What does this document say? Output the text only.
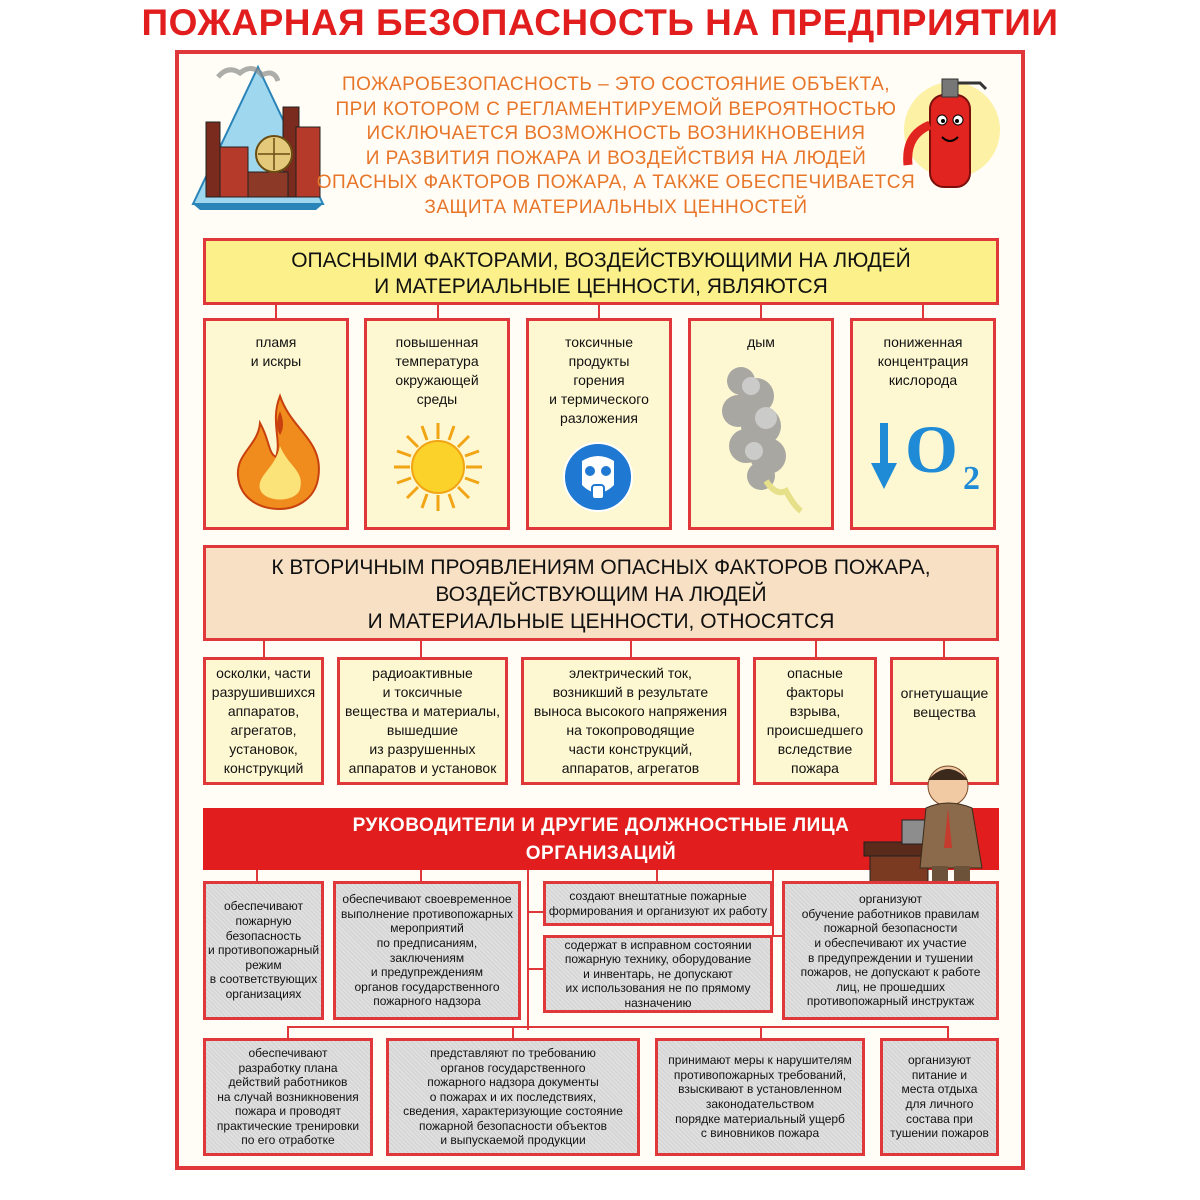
ПОЖАРНАЯ БЕЗОПАСНОСТЬ НА ПРЕДПРИЯТИИ
ПОЖАРОБЕЗОПАСНОСТЬ – ЭТО СОСТОЯНИЕ ОБЪЕКТА,
ПРИ КОТОРОМ С РЕГЛАМЕНТИРУЕМОЙ ВЕРОЯТНОСТЬЮ
ИСКЛЮЧАЕТСЯ ВОЗМОЖНОСТЬ ВОЗНИКНОВЕНИЯ
И РАЗВИТИЯ ПОЖАРА И ВОЗДЕЙСТВИЯ НА ЛЮДЕЙ
ОПАСНЫХ ФАКТОРОВ ПОЖАРА, А ТАКЖЕ ОБЕСПЕЧИВАЕТСЯ
ЗАЩИТА МАТЕРИАЛЬНЫХ ЦЕННОСТЕЙ
ОПАСНЫМИ ФАКТОРАМИ, ВОЗДЕЙСТВУЮЩИМИ НА ЛЮДЕЙ
И МАТЕРИАЛЬНЫЕ ЦЕННОСТИ, ЯВЛЯЮТСЯ
пламя
и искры
повышенная
температура
окружающей
среды
токсичные
продукты
горения
и термического
разложения
дым	пониженная
концентрация
кислорода
O 2
К ВТОРИЧНЫМ ПРОЯВЛЕНИЯМ ОПАСНЫХ ФАКТОРОВ ПОЖАРА,
ВОЗДЕЙСТВУЮЩИМ НА ЛЮДЕЙ
И МАТЕРИАЛЬНЫЕ ЦЕННОСТИ, ОТНОСЯТСЯ
осколки, части
разрушившихся
аппаратов,
агрегатов,
установок,
конструкций
радиоактивные
и токсичные
вещества и материалы,
вышедшие
из разрушенных
аппаратов и установок
электрический ток,
возникший в результате
выноса высокого напряжения
на токопроводящие
части конструкций,
аппаратов, агрегатов
опасные
факторы
взрыва,
происшедшего
вследствие
пожара
огнетушащие
вещества
РУКОВОДИТЕЛИ И ДРУГИЕ ДОЛЖНОСТНЫЕ ЛИЦА
ОРГАНИЗАЦИЙ
обеспечивают
пожарную
безопасность
и противопожарный
режим
в соответствующих
организациях
обеспечивают своевременное
выполнение противопожарных
мероприятий
по предписаниям,
заключениям
и предупреждениям
органов государственного
пожарного надзора
создают внештатные пожарные
формирования и организуют их работу
содержат в исправном состоянии
пожарную технику, оборудование
и инвентарь, не допускают
их использования не по прямому
назначению
организуют
обучение работников правилам
пожарной безопасности
и обеспечивают их участие
в предупреждении и тушении
пожаров, не допускают к работе
лиц, не прошедших
противопожарный инструктаж
обеспечивают
разработку плана
действий работников
на случай возникновения
пожара и проводят
практические тренировки
по его отработке
представляют по требованию
органов государственного
пожарного надзора документы
о пожарах и их последствиях,
сведения, характеризующие состояние
пожарной безопасности объектов
и выпускаемой продукции
принимают меры к нарушителям
противопожарных требований,
взыскивают в установленном
законодательством
порядке материальный ущерб
с виновников пожара
организуют
питание и
места отдыха
для личного
состава при
тушении пожаров
